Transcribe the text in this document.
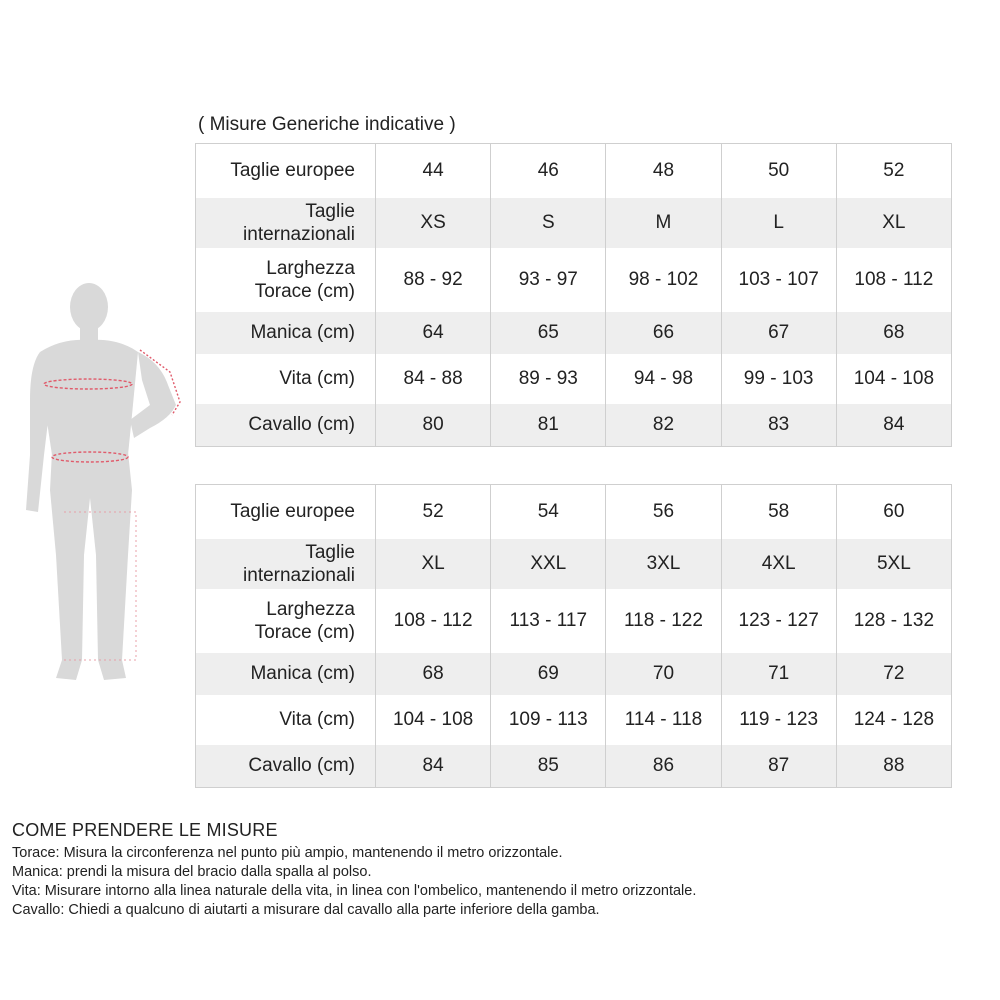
( Misure Generiche indicative )
Taglie europee	44	46	48	50	52
Taglie
internazionali	XS	S	M	L	XL
Larghezza
Torace (cm)	88 - 92	93 - 97	98 - 102	103 - 107	108 - 112
Manica (cm)	64	65	66	67	68
Vita (cm)	84 - 88	89 - 93	94 - 98	99 - 103	104 - 108
Cavallo (cm)	80	81	82	83	84
Taglie europee	52	54	56	58	60
Taglie
internazionali	XL	XXL	3XL	4XL	5XL
Larghezza
Torace (cm)	108 - 112	113 - 117	118 - 122	123 - 127	128 - 132
Manica (cm)	68	69	70	71	72
Vita (cm)	104 - 108	109 - 113	114 - 118	119 - 123	124 - 128
Cavallo (cm)	84	85	86	87	88
COME PRENDERE LE MISURE

Torace: Misura la circonferenza nel punto più ampio, mantenendo il metro orizzontale.

Manica: prendi la misura del bracio dalla spalla al polso.

Vita: Misurare intorno alla linea naturale della vita, in linea con l'ombelico, mantenendo il metro orizzontale.

Cavallo: Chiedi a qualcuno di aiutarti a misurare dal cavallo alla parte inferiore della gamba.
